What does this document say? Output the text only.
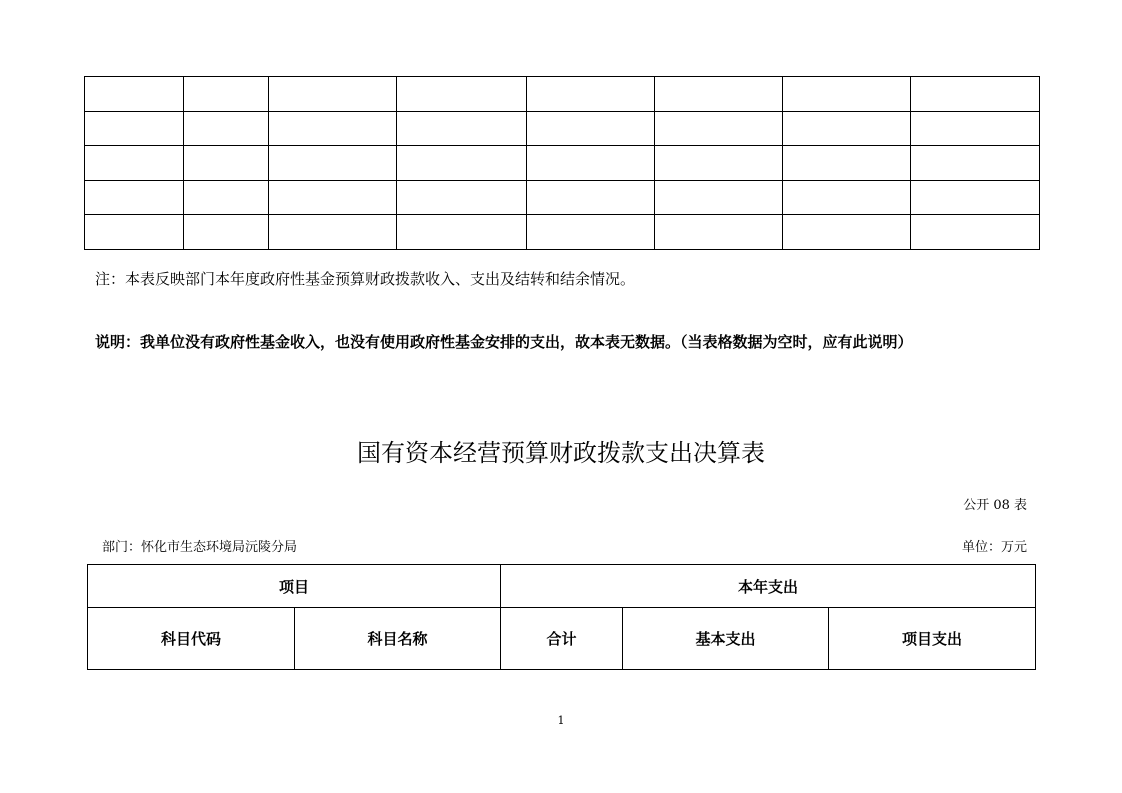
注：本表反映部门本年度政府性基金预算财政拨款收入、支出及结转和结余情况。
说明：我单位没有政府性基金收入，也没有使用政府性基金安排的支出，故本表无数据。（当表格数据为空时，应有此说明）
国有资本经营预算财政拨款支出决算表
公开 08 表
部门：怀化市生态环境局沅陵分局	单位：万元
项目		本年支出		
科目代码	科目名称	合计	基本支出	项目支出
1
